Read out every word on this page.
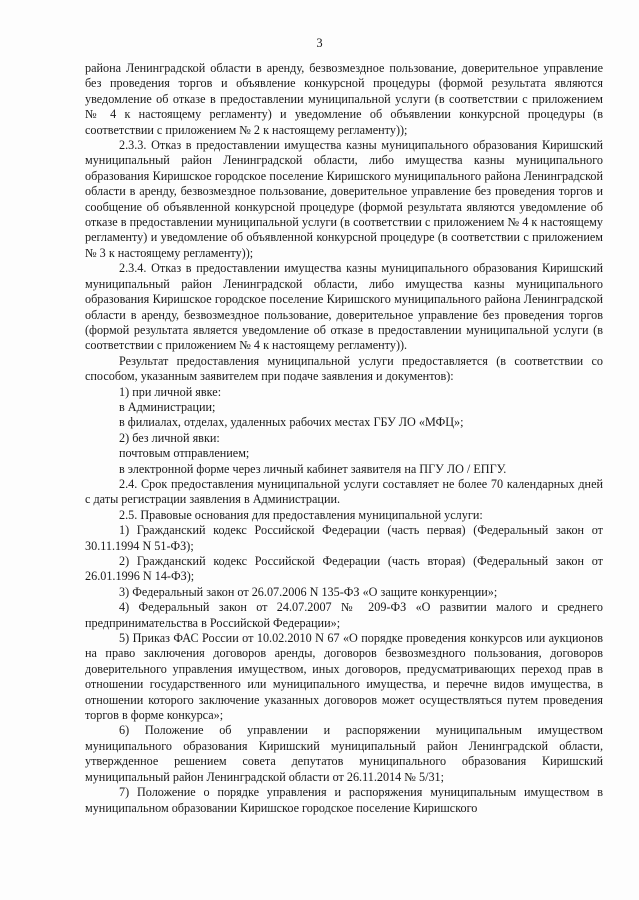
3

района Ленинградской области в аренду, безвозмездное пользование, доверительное управление без проведения торгов и объявление конкурсной процедуры (формой результата являются уведомление об отказе в предоставлении муниципальной услуги (в соответствии с приложением № 4 к настоящему регламенту) и уведомление об объявлении конкурсной процедуры (в соответствии с приложением № 2 к настоящему регламенту));

2.3.3. Отказ в предоставлении имущества казны муниципального образования Киришский муниципальный район Ленинградской области, либо имущества казны муниципального образования Киришское городское поселение Киришского муниципального района Ленинградской области в аренду, безвозмездное пользование, доверительное управление без проведения торгов и сообщение об объявленной конкурсной процедуре (формой результата являются уведомление об отказе в предоставлении муниципальной услуги (в соответствии с приложением № 4 к настоящему регламенту) и уведомление об объявленной конкурсной процедуре (в соответствии с приложением № 3 к настоящему регламенту));

2.3.4. Отказ в предоставлении имущества казны муниципального образования Киришский муниципальный район Ленинградской области, либо имущества казны муниципального образования Киришское городское поселение Киришского муниципального района Ленинградской области в аренду, безвозмездное пользование, доверительное управление без проведения торгов (формой результата является уведомление об отказе в предоставлении муниципальной услуги (в соответствии с приложением № 4 к настоящему регламенту)).

Результат предоставления муниципальной услуги предоставляется (в соответствии со способом, указанным заявителем при подаче заявления и документов):

1) при личной явке:

в Администрации;

в филиалах, отделах, удаленных рабочих местах ГБУ ЛО «МФЦ»;

2) без личной явки:

почтовым отправлением;

в электронной форме через личный кабинет заявителя на ПГУ ЛО / ЕПГУ.

2.4. Срок предоставления муниципальной услуги составляет не более 70 календарных дней с даты регистрации заявления в Администрации.

2.5. Правовые основания для предоставления муниципальной услуги:

1) Гражданский кодекс Российской Федерации (часть первая) (Федеральный закон от 30.11.1994 N 51-ФЗ);

2) Гражданский кодекс Российской Федерации (часть вторая) (Федеральный закон от 26.01.1996 N 14-ФЗ);

3) Федеральный закон от 26.07.2006 N 135-ФЗ «О защите конкуренции»;

4) Федеральный закон от 24.07.2007 № 209-ФЗ «О развитии малого и среднего предпринимательства в Российской Федерации»;

5) Приказ ФАС России от 10.02.2010 N 67 «О порядке проведения конкурсов или аукционов на право заключения договоров аренды, договоров безвозмездного пользования, договоров доверительного управления имуществом, иных договоров, предусматривающих переход прав в отношении государственного или муниципального имущества, и перечне видов имущества, в отношении которого заключение указанных договоров может осуществляться путем проведения торгов в форме конкурса»;

6) Положение об управлении и распоряжении муниципальным имуществом муниципального образования Киришский муниципальный район Ленинградской области, утвержденное решением совета депутатов муниципального образования Киришский муниципальный район Ленинградской области от 26.11.2014 № 5/31;

7) Положение о порядке управления и распоряжения муниципальным имуществом в муниципальном образовании Киришское городское поселение Киришского
